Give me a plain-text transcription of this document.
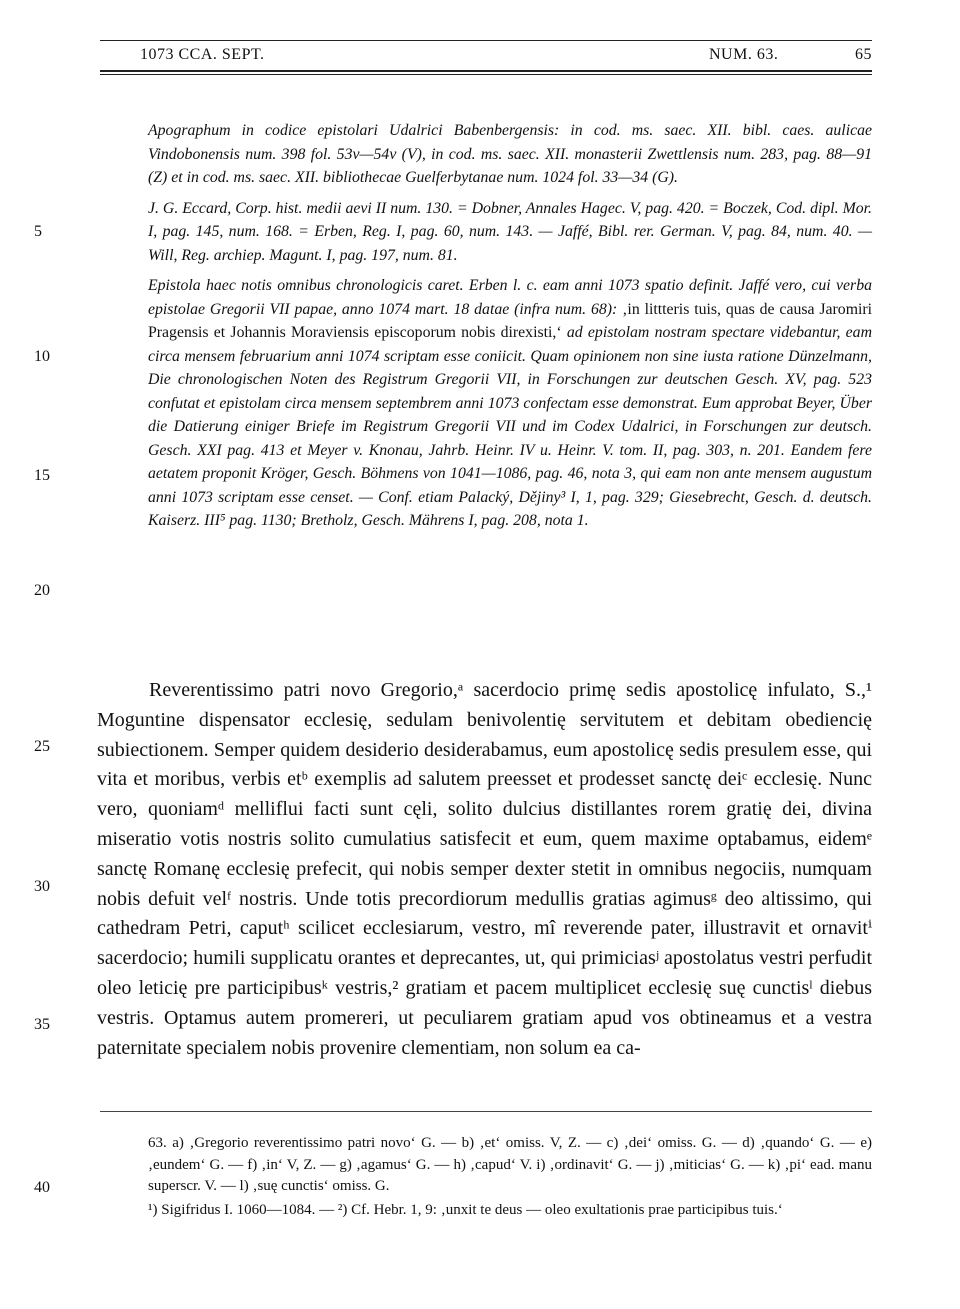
1073 CCA. SEPT.	NUM. 63.	65

Apographum in codice epistolari Udalrici Babenbergensis: in cod. ms. saec. XII. bibl. caes. aulicae Vindobonensis num. 398 fol. 53v—54v (V), in cod. ms. saec. XII. monasterii Zwettlensis num. 283, pag. 88—91 (Z) et in cod. ms. saec. XII. bibliothecae Guelferbytanae num. 1024 fol. 33—34 (G).

J. G. Eccard, Corp. hist. medii aevi II num. 130. = Dobner, Annales Hagec. V, pag. 420. = Boczek, Cod. dipl. Mor. I, pag. 145, num. 168. = Erben, Reg. I, pag. 60, num. 143. — Jaffé, Bibl. rer. German. V, pag. 84, num. 40. — Will, Reg. archiep. Magunt. I, pag. 197, num. 81.

Epistola haec notis omnibus chronologicis caret. Erben l. c. eam anni 1073 spatio definit. Jaffé vero, cui verba epistolae Gregorii VII papae, anno 1074 mart. 18 datae (infra num. 68): ‚in littteris tuis, quas de causa Jaromiri Pragensis et Johannis Moraviensis episcoporum nobis direxisti,‘ ad epistolam nostram spectare videbantur, eam circa mensem februarium anni 1074 scriptam esse coniicit. Quam opinionem non sine iusta ratione Dünzelmann, Die chronologischen Noten des Registrum Gregorii VII, in Forschungen zur deutschen Gesch. XV, pag. 523 confutat et epistolam circa mensem septembrem anni 1073 confectam esse demonstrat. Eum approbat Beyer, Über die Datierung einiger Briefe im Registrum Gregorii VII und im Codex Udalrici, in Forschungen zur deutsch. Gesch. XXI pag. 413 et Meyer v. Knonau, Jahrb. Heinr. IV u. Heinr. V. tom. II, pag. 303, n. 201. Eandem fere aetatem proponit Kröger, Gesch. Böhmens von 1041—1086, pag. 46, nota 3, qui eam non ante mensem augustum anni 1073 scriptam esse censet. — Conf. etiam Palacký, Dějiny³ I, 1, pag. 329; Giesebrecht, Gesch. d. deutsch. Kaiserz. III⁵ pag. 1130; Bretholz, Gesch. Mährens I, pag. 208, nota 1.

Reverentissimo patri novo Gregorio,ᵃ sacerdocio primę sedis apostolicę infulato, S.,¹ Moguntine dispensator ecclesię, sedulam benivolentię servitutem et debitam obediencię subiectionem. Semper quidem desiderio desiderabamus, eum apostolicę sedis presulem esse, qui vita et moribus, verbis etᵇ exemplis ad salutem preesset et prodesset sanctę deiᶜ ecclesię. Nunc vero, quoniamᵈ melliflui facti sunt cęli, solito dulcius distillantes rorem gratię dei, divina miseratio votis nostris solito cumulatius satisfecit et eum, quem maxime optabamus, eidemᵉ sanctę Romanę ecclesię prefecit, qui nobis semper dexter stetit in omnibus negociis, numquam nobis defuit velᶠ nostris. Unde totis precordiorum medullis gratias agimusᵍ deo altissimo, qui cathedram Petri, caputʰ scilicet ecclesiarum, vestro, mî reverende pater, illustravit et ornavitⁱ sacerdocio; humili supplicatu orantes et deprecantes, ut, qui primiciasʲ apostolatus vestri perfudit oleo leticię pre participibusᵏ vestris,² gratiam et pacem multiplicet ecclesię suę cunctisˡ diebus vestris. Optamus autem promereri, ut peculiarem gratiam apud vos obtineamus et a vestra paternitate specialem nobis provenire clementiam, non solum ea ca-

63. a) ‚Gregorio reverentissimo patri novo‘ G. — b) ‚et‘ omiss. V, Z. — c) ‚dei‘ omiss. G. — d) ‚quando‘ G. — e) ‚eundem‘ G. — f) ‚in‘ V, Z. — g) ‚agamus‘ G. — h) ‚capud‘ V. i) ‚ordinavit‘ G. — j) ‚miticias‘ G. — k) ‚pi‘ ead. manu superscr. V. — l) ‚suę cunctis‘ omiss. G.

¹) Sigifridus I. 1060—1084. — ²) Cf. Hebr. 1, 9: ‚unxit te deus — oleo exultationis prae participibus tuis.‘

5
10
15
20
25
30
35
40
